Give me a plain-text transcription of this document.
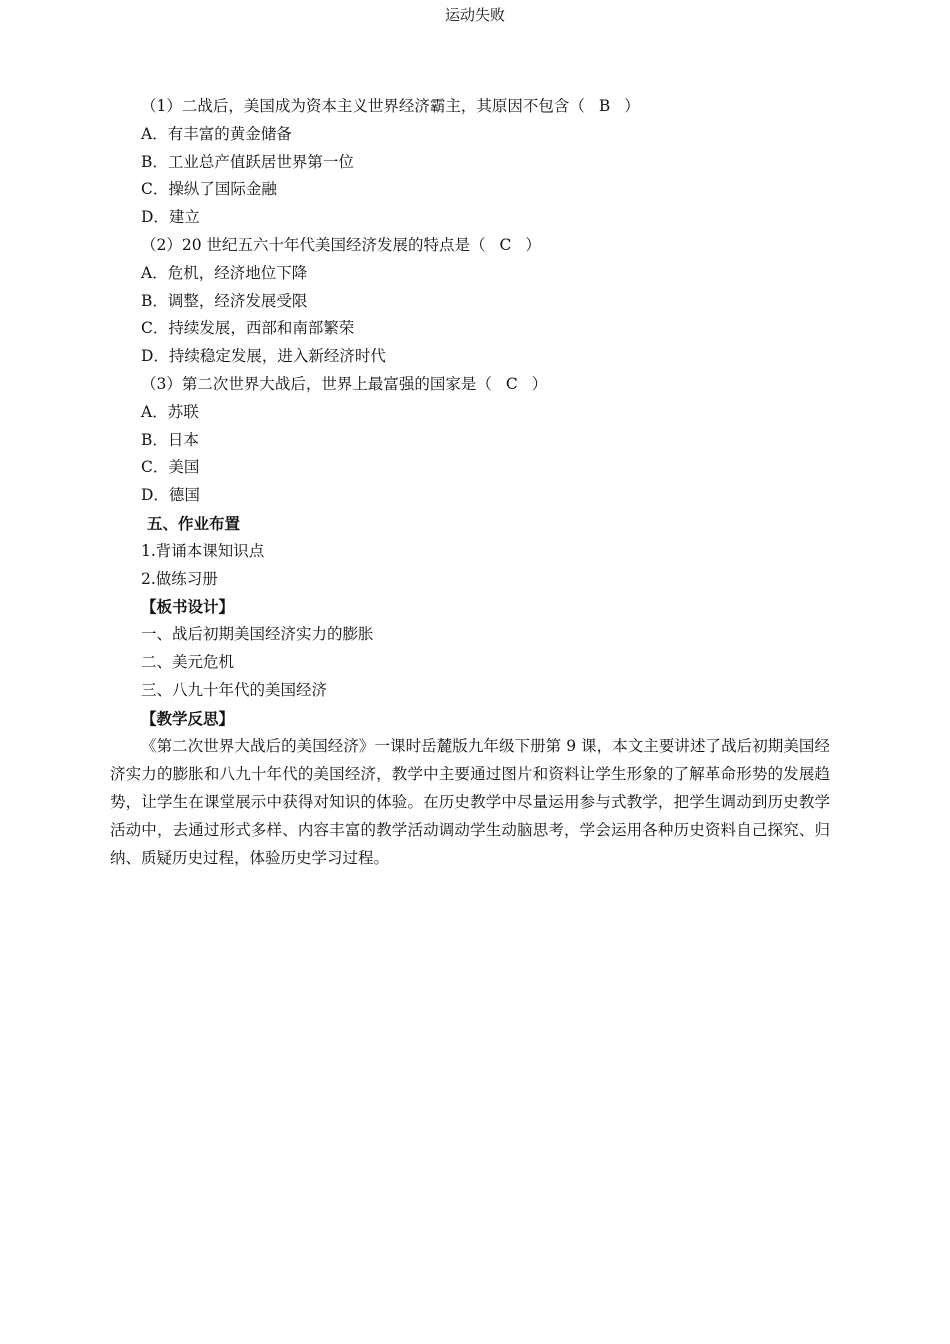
运动失败
（1）二战后，美国成为资本主义世界经济霸主，其原因不包含（ B ）
A．有丰富的黄金储备
B．工业总产值跃居世界第一位
C．操纵了国际金融
D．建立
（2）20 世纪五六十年代美国经济发展的特点是（ C ）
A．危机，经济地位下降
B．调整，经济发展受限
C．持续发展，西部和南部繁荣
D．持续稳定发展，进入新经济时代
（3）第二次世界大战后，世界上最富强的国家是（ C ）
A．苏联
B．日本
C．美国
D．德国
五、作业布置
1.背诵本课知识点
2.做练习册
【板书设计】
一、战后初期美国经济实力的膨胀
二、美元危机
三、八九十年代的美国经济
【教学反思】

《第二次世界大战后的美国经济》一课时岳麓版九年级下册第 9 课，本文主要讲述了战后初期美国经济实力的膨胀和八九十年代的美国经济，教学中主要通过图片和资料让学生形象的了解革命形势的发展趋势，让学生在课堂展示中获得对知识的体验。在历史教学中尽量运用参与式教学，把学生调动到历史教学活动中，去通过形式多样、内容丰富的教学活动调动学生动脑思考，学会运用各种历史资料自己探究、归纳、质疑历史过程，体验历史学习过程。
